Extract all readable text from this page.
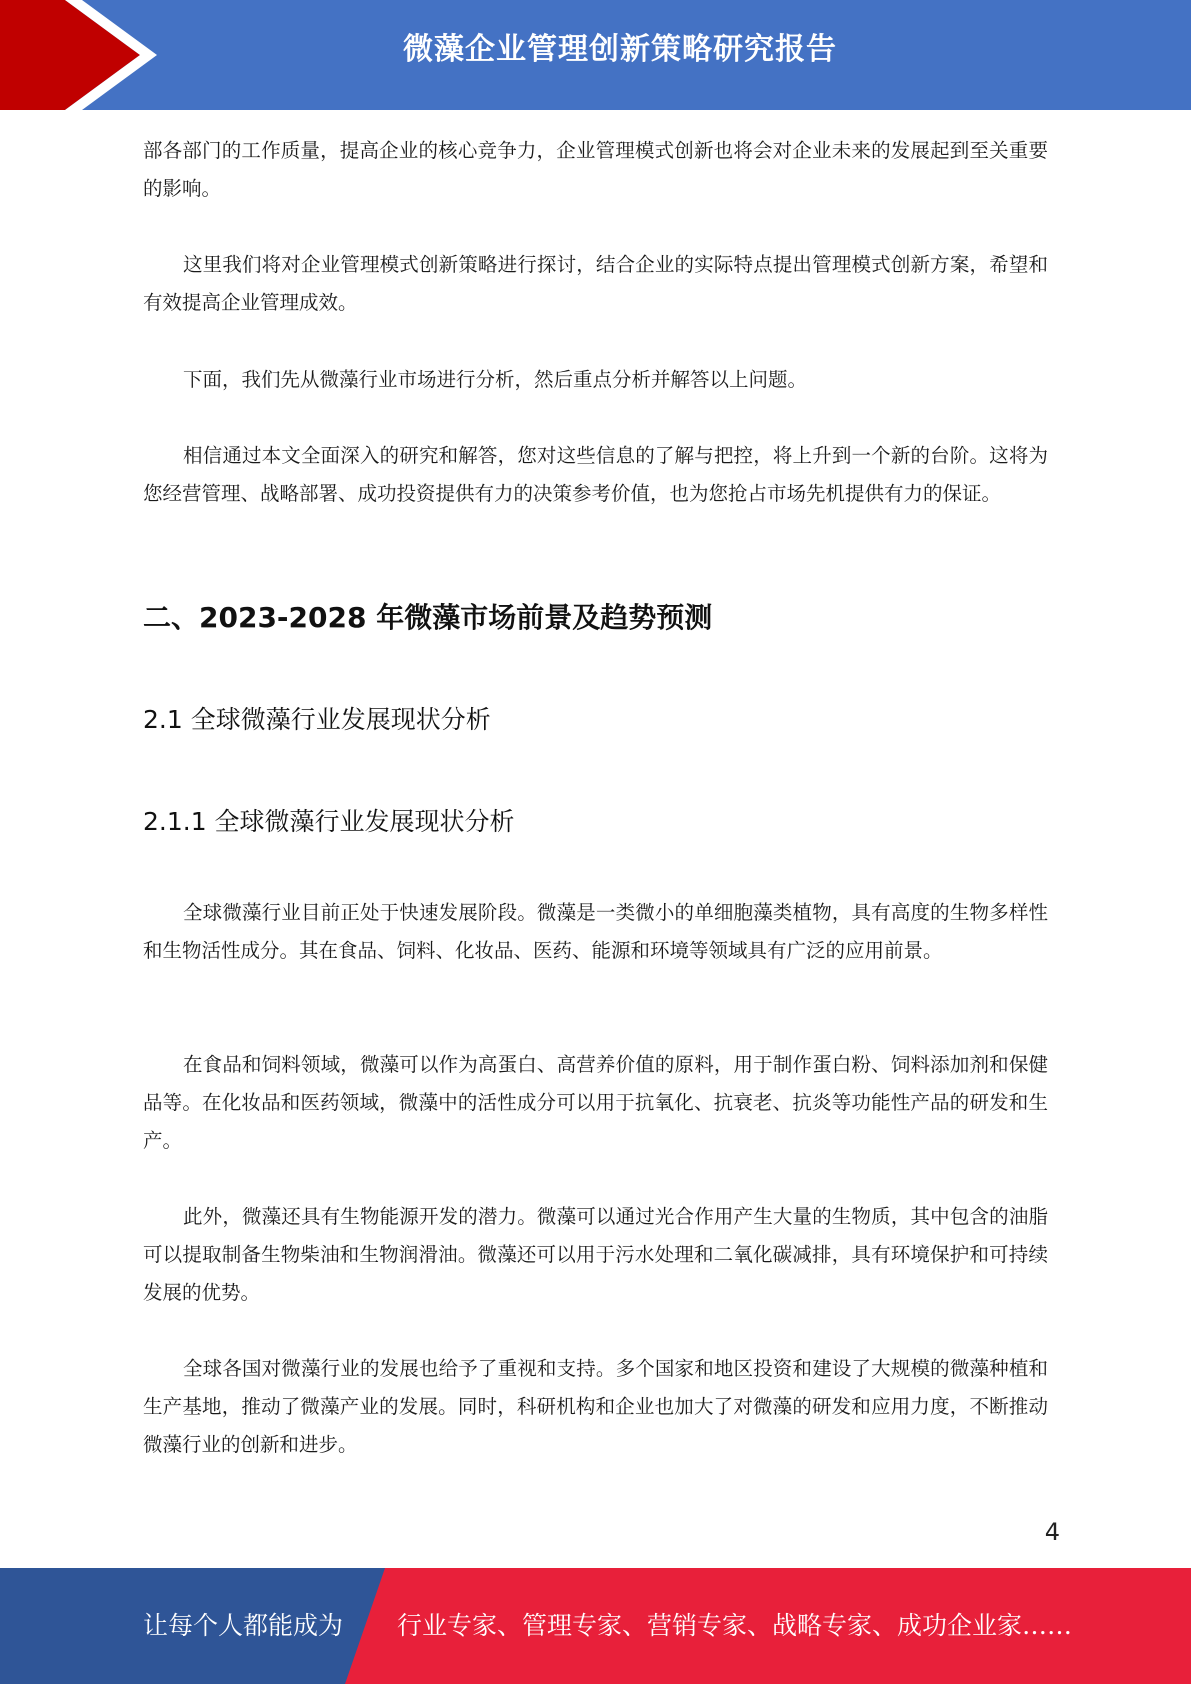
微藻企业管理创新策略研究报告

部各部门的工作质量，提高企业的核心竞争力，企业管理模式创新也将会对企业未来的发展起到至关重要的影响。

这里我们将对企业管理模式创新策略进行探讨，结合企业的实际特点提出管理模式创新方案，希望和有效提高企业管理成效。

下面，我们先从微藻行业市场进行分析，然后重点分析并解答以上问题。

相信通过本文全面深入的研究和解答，您对这些信息的了解与把控，将上升到一个新的台阶。这将为您经营管理、战略部署、成功投资提供有力的决策参考价值，也为您抢占市场先机提供有力的保证。

二、2023-2028 年微藻市场前景及趋势预测
2.1 全球微藻行业发展现状分析
2.1.1 全球微藻行业发展现状分析

全球微藻行业目前正处于快速发展阶段。微藻是一类微小的单细胞藻类植物，具有高度的生物多样性和生物活性成分。其在食品、饲料、化妆品、医药、能源和环境等领域具有广泛的应用前景。

在食品和饲料领域，微藻可以作为高蛋白、高营养价值的原料，用于制作蛋白粉、饲料添加剂和保健品等。在化妆品和医药领域，微藻中的活性成分可以用于抗氧化、抗衰老、抗炎等功能性产品的研发和生产。

此外，微藻还具有生物能源开发的潜力。微藻可以通过光合作用产生大量的生物质，其中包含的油脂可以提取制备生物柴油和生物润滑油。微藻还可以用于污水处理和二氧化碳减排，具有环境保护和可持续发展的优势。

全球各国对微藻行业的发展也给予了重视和支持。多个国家和地区投资和建设了大规模的微藻种植和生产基地，推动了微藻产业的发展。同时，科研机构和企业也加大了对微藻的研发和应用力度，不断推动微藻行业的创新和进步。

4
让每个人都能成为 行业专家、管理专家、营销专家、战略专家、成功企业家……
